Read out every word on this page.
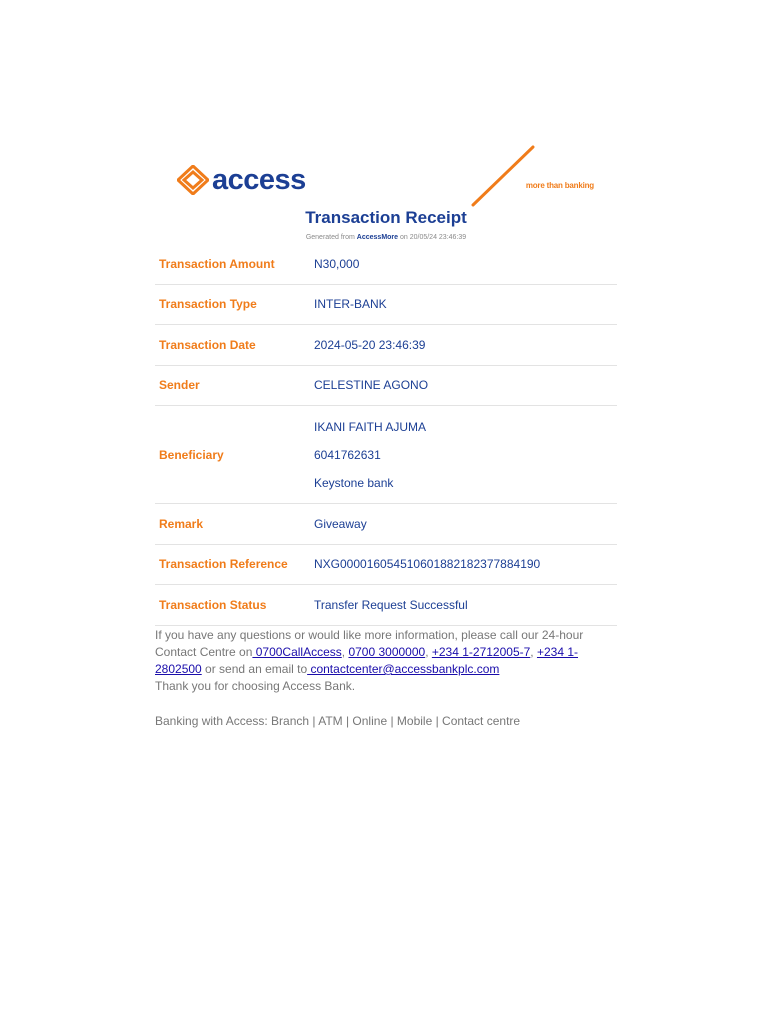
access	more than banking
Transaction Receipt
Generated from AccessMore on 20/05/24 23:46:39
Transaction Amount	N30,000
Transaction Type	INTER-BANK
Transaction Date	2024-05-20 23:46:39
Sender	CELESTINE AGONO
Beneficiary
IKANI FAITH AJUMA
6041762631
Keystone bank
Remark	Giveaway
Transaction Reference	NXG000016054510601882182377884190
Transaction Status	Transfer Request Successful

If you have any questions or would like more information, please call our 24-hour Contact Centre on 0700CallAccess, 0700 3000000, +234 1-2712005-7, +234 1-2802500 or send an email to contactcenter@accessbankplc.com

Thank you for choosing Access Bank.

Banking with Access: Branch | ATM | Online | Mobile | Contact centre
